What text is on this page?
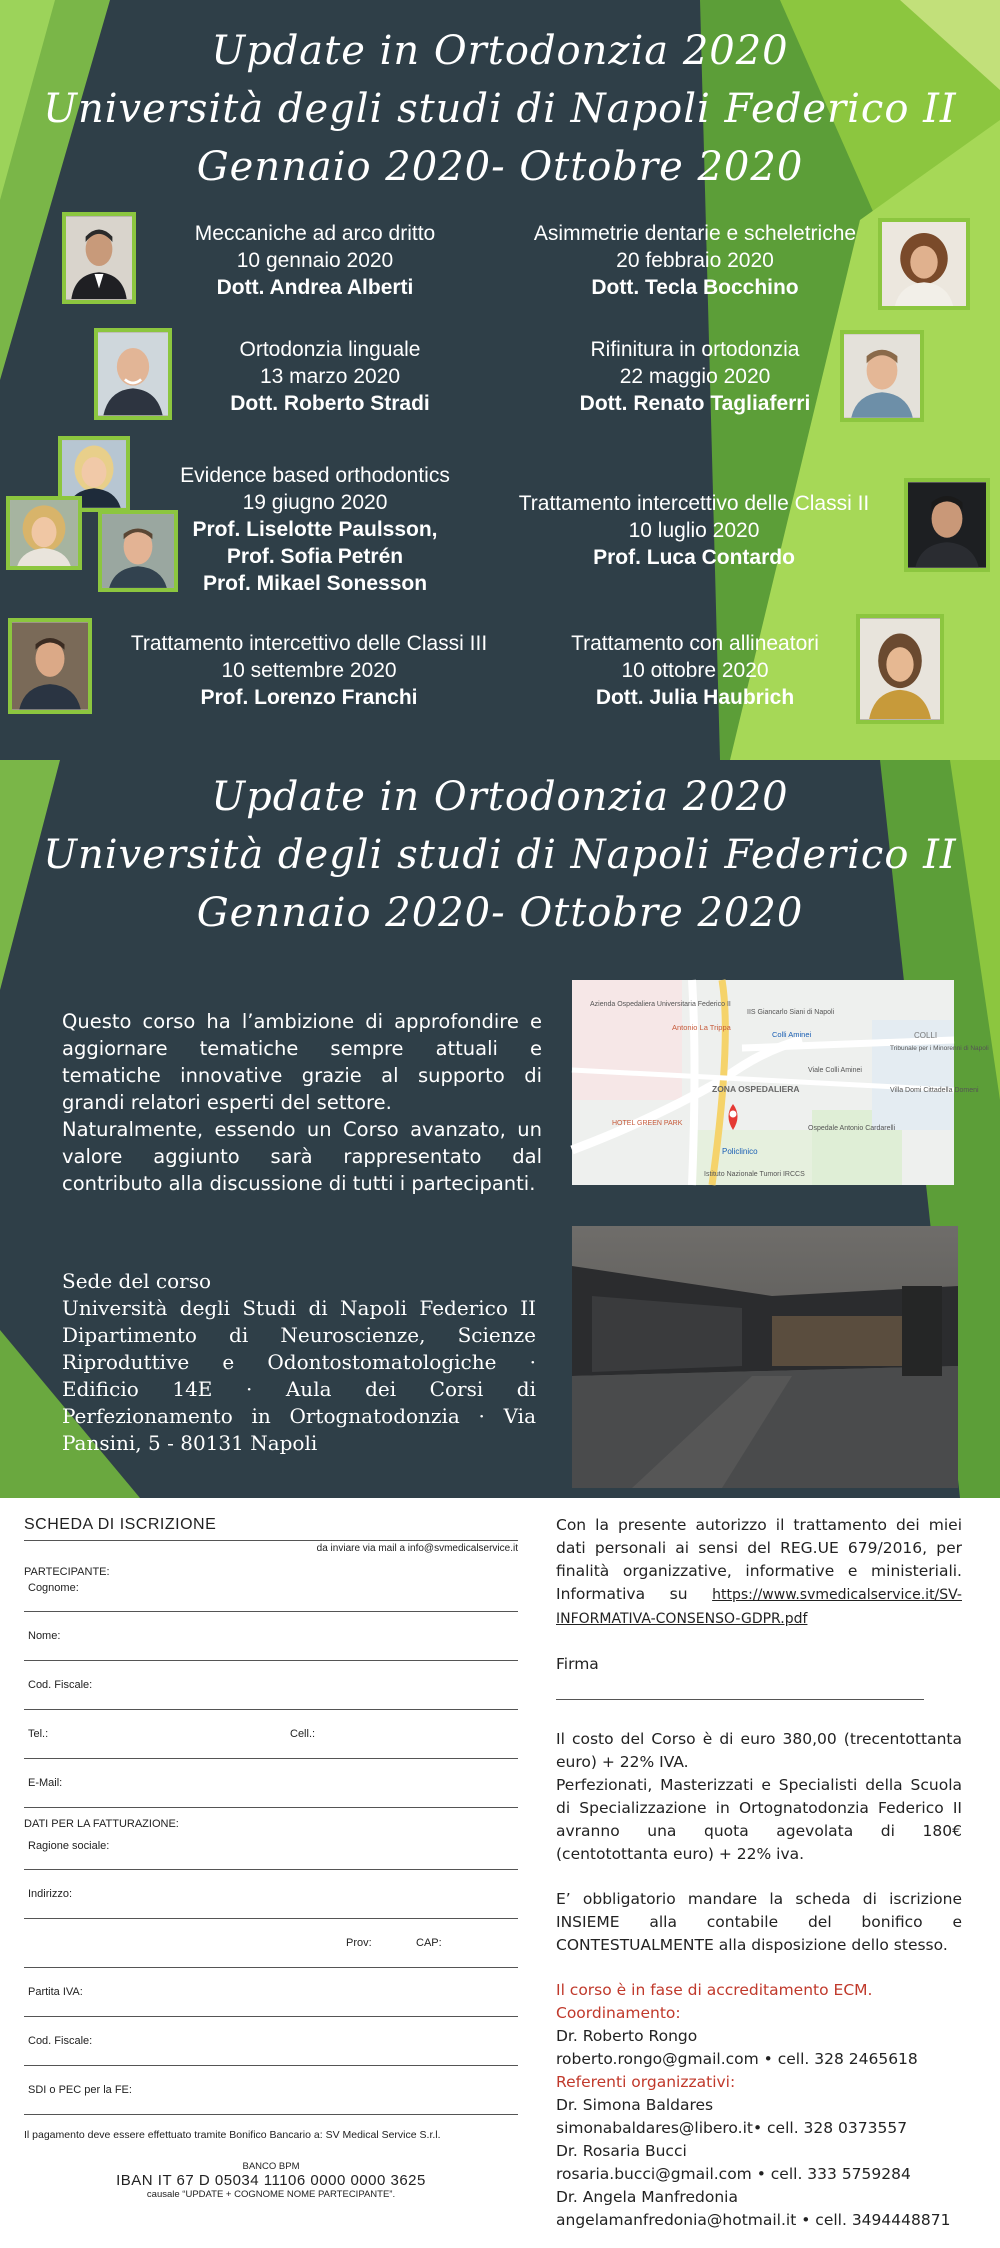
Update in Ortodonzia 2020
Università degli studi di Napoli Federico II
Gennaio 2020- Ottobre 2020
Meccaniche ad arco dritto
10 gennaio 2020
Dott. Andrea Alberti
Asimmetrie dentarie e scheletriche
20 febbraio 2020
Dott. Tecla Bocchino
Ortodonzia linguale
13 marzo 2020
Dott. Roberto Stradi
Rifinitura in ortodonzia
22 maggio 2020
Dott. Renato Tagliaferri
Evidence based orthodontics
19 giugno 2020
Prof. Liselotte Paulsson,
Prof. Sofia Petrén
Prof. Mikael Sonesson
Trattamento intercettivo delle Classi II
10 luglio 2020
Prof. Luca Contardo
Trattamento intercettivo delle Classi III
10 settembre 2020
Prof. Lorenzo Franchi
Trattamento con allineatori
10 ottobre 2020
Dott. Julia Haubrich
Update in Ortodonzia 2020
Università degli studi di Napoli Federico II
Gennaio 2020- Ottobre 2020

Questo corso ha l’ambizione di approfondire e aggiornare tematiche sempre attuali e tematiche innovative grazie al supporto di grandi relatori esperti del settore.

Naturalmente, essendo un Corso avanzato, un valore aggiunto sarà rappresentato dal contributo alla discussione di tutti i partecipanti.

Sede del corso
Università degli Studi di Napoli Federico II Dipartimento di Neuroscienze, Scienze Riproduttive e Odontostomatologiche · Edificio 14E · Aula dei Corsi di Perfezionamento in Ortognatodonzia · Via Pansini, 5 - 80131 Napoli
Azienda Ospedaliera Universitaria Federico II
Antonio La Trippa
IIS Giancarlo Siani di Napoli
Colli Aminei
Tribunale per i Minorenni di Napoli
COLLI
ZONA OSPEDALIERA
HOTEL GREEN PARK
Policlinico
Viale Colli Aminei
Villa Domi Cittadella Domeni
Ospedale Antonio Cardarelli
Istituto Nazionale Tumori IRCCS
SCHEDA DI ISCRIZIONE
da inviare via mail a info@svmedicalservice.it
PARTECIPANTE:
Cognome:
Nome:
Cod. Fiscale:
Tel.:	Cell.:
E-Mail:
DATI PER LA FATTURAZIONE:
Ragione sociale:
Indirizzo:
Prov:	CAP:
Partita IVA:
Cod. Fiscale:
SDI o PEC per la FE:
Il pagamento deve essere effettuato tramite Bonifico Bancario a: SV Medical Service S.r.l.
BANCO BPM
IBAN IT 67 D 05034 11106 0000 0000 3625
causale “UPDATE + COGNOME NOME PARTECIPANTE”.
Con la presente autorizzo il trattamento dei miei dati personali ai sensi del REG.UE 679/2016, per finalità organizzative, informative e ministeriali. Informativa su https://www.svmedicalservice.it/SV-INFORMATIVA-CONSENSO-GDPR.pdf
Firma
Il costo del Corso è di euro 380,00 (trecentottanta euro) + 22% IVA.
Perfezionati, Masterizzati e Specialisti della Scuola di Specializzazione in Ortognatodonzia Federico II avranno una quota agevolata di 180€ (centotottanta euro) + 22% iva.
E’ obbligatorio mandare la scheda di iscrizione INSIEME alla contabile del bonifico e CONTESTUALMENTE alla disposizione dello stesso.
Il corso è in fase di accreditamento ECM.
Coordinamento:
Dr. Roberto Rongo
roberto.rongo@gmail.com • cell. 328 2465618
Referenti organizzativi:
Dr. Simona Baldares
simonabaldares@libero.it• cell. 328 0373557
Dr. Rosaria Bucci
rosaria.bucci@gmail.com • cell. 333 5759284
Dr. Angela Manfredonia
angelamanfredonia@hotmail.it • cell. 3494448871
